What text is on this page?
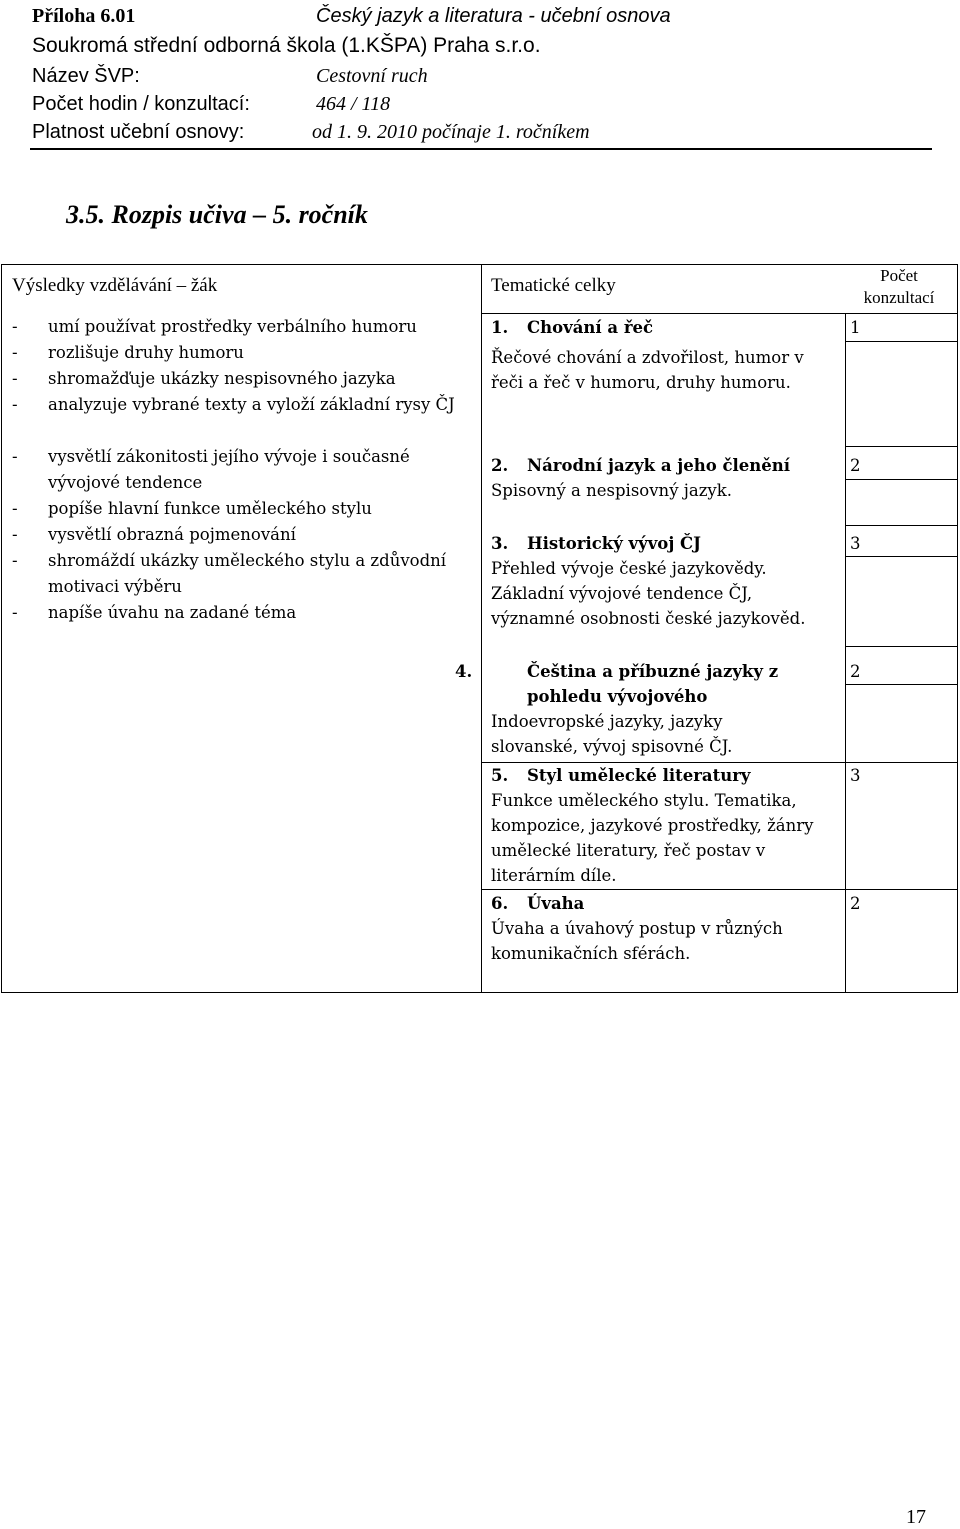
Příloha 6.01	Český jazyk a literatura - učební osnova
Soukromá střední odborná škola (1.KŠPA) Praha s.r.o.
Název ŠVP:	Cestovní ruch
Počet hodin / konzultací:	464 / 118
Platnost učební osnovy:	od 1. 9. 2010 počínaje 1. ročníkem
3.5. Rozpis učiva – 5. ročník
Výsledky vzdělávání – žák	Tematické celky	Počet
konzultací
- umí používat prostředky verbálního humoru
- rozlišuje druhy humoru
- shromažďuje ukázky nespisovného jazyka
- analyzuje vybrané texty a vyloží základní rysy ČJ
- vysvětlí zákonitosti jejího vývoje i současné vývojové tendence
- popíše hlavní funkce uměleckého stylu
- vysvětlí obrazná pojmenování
- shromáždí ukázky uměleckého stylu a zdůvodní motivaci výběru
- napíše úvahu na zadané téma
1. Chování a řeč
Řečové chování a zdvořilost, humor v řeči a řeč v humoru, druhy humoru.
1
2. Národní jazyk a jeho členění
Spisovný a nespisovný jazyk.
2
3. Historický vývoj ČJ
Přehled vývoje české jazykovědy. Základní vývojové tendence ČJ, významné osobnosti české jazykověd.
3
4.	Čeština a příbuzné jazyky z pohledu vývojového
Indoevropské jazyky, jazyky slovanské, vývoj spisovné ČJ.
2
5. Styl umělecké literatury
Funkce uměleckého stylu. Tematika, kompozice, jazykové prostředky, žánry umělecké literatury, řeč postav v literárním díle.
3
6. Úvaha
Úvaha a úvahový postup v různých komunikačních sférách.
2
17
